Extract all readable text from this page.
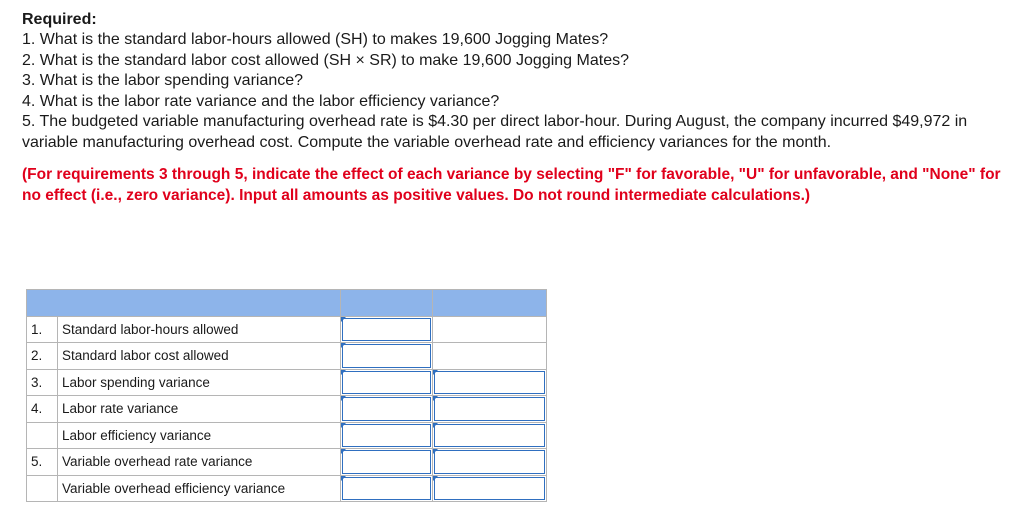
Required:

1. What is the standard labor-hours allowed (SH) to makes 19,600 Jogging Mates?

2. What is the standard labor cost allowed (SH × SR) to make 19,600 Jogging Mates?

3. What is the labor spending variance?

4. What is the labor rate variance and the labor efficiency variance?

5. The budgeted variable manufacturing overhead rate is $4.30 per direct labor-hour. During August, the company incurred $49,972 in variable manufacturing overhead cost. Compute the variable overhead rate and efficiency variances for the month.

(For requirements 3 through 5, indicate the effect of each variance by selecting "F" for favorable, "U" for unfavorable, and "None" for no effect (i.e., zero variance). Input all amounts as positive values. Do not round intermediate calculations.)

1.	Standard labor-hours allowed	

2.	Standard labor cost allowed	

3.	Labor spending variance	

4.	Labor rate variance	

	Labor efficiency variance	

5.	Variable overhead rate variance	

	Variable overhead efficiency variance	
